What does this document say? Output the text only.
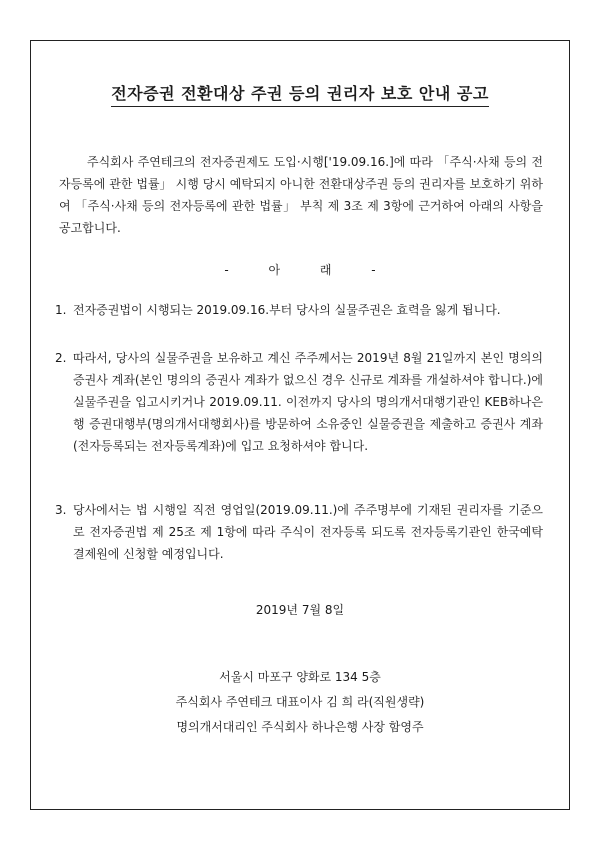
전자증권 전환대상 주권 등의 권리자 보호 안내 공고
주식회사 주연테크의 전자증권제도 도입·시행['19.09.16.]에 따라 「주식·사채 등의 전자등록에 관한 법률」 시행 당시 예탁되지 아니한 전환대상주권 등의 권리자를 보호하기 위하여 「주식·사채 등의 전자등록에 관한 법률」 부칙 제 3조 제 3항에 근거하여 아래의 사항을 공고합니다.
- 아 래 -
1. 전자증권법이 시행되는 2019.09.16.부터 당사의 실물주권은 효력을 잃게 됩니다.
2. 따라서, 당사의 실물주권을 보유하고 계신 주주께서는 2019년 8월 21일까지 본인 명의의 증권사 계좌(본인 명의의 증권사 계좌가 없으신 경우 신규로 계좌를 개설하셔야 합니다.)에 실물주권을 입고시키거나 2019.09.11. 이전까지 당사의 명의개서대행기관인 KEB하나은행 증권대행부(명의개서대행회사)를 방문하여 소유중인 실물증권을 제출하고 증권사 계좌(전자등록되는 전자등록계좌)에 입고 요청하셔야 합니다.
3. 당사에서는 법 시행일 직전 영업일(2019.09.11.)에 주주명부에 기재된 권리자를 기준으로 전자증권법 제 25조 제 1항에 따라 주식이 전자등록 되도록 전자등록기관인 한국예탁결제원에 신청할 예정입니다.
2019년 7월 8일
서울시 마포구 양화로 134 5층
주식회사 주연테크 대표이사 김 희 라(직원생략)
명의개서대리인 주식회사 하나은행 사장 함영주
